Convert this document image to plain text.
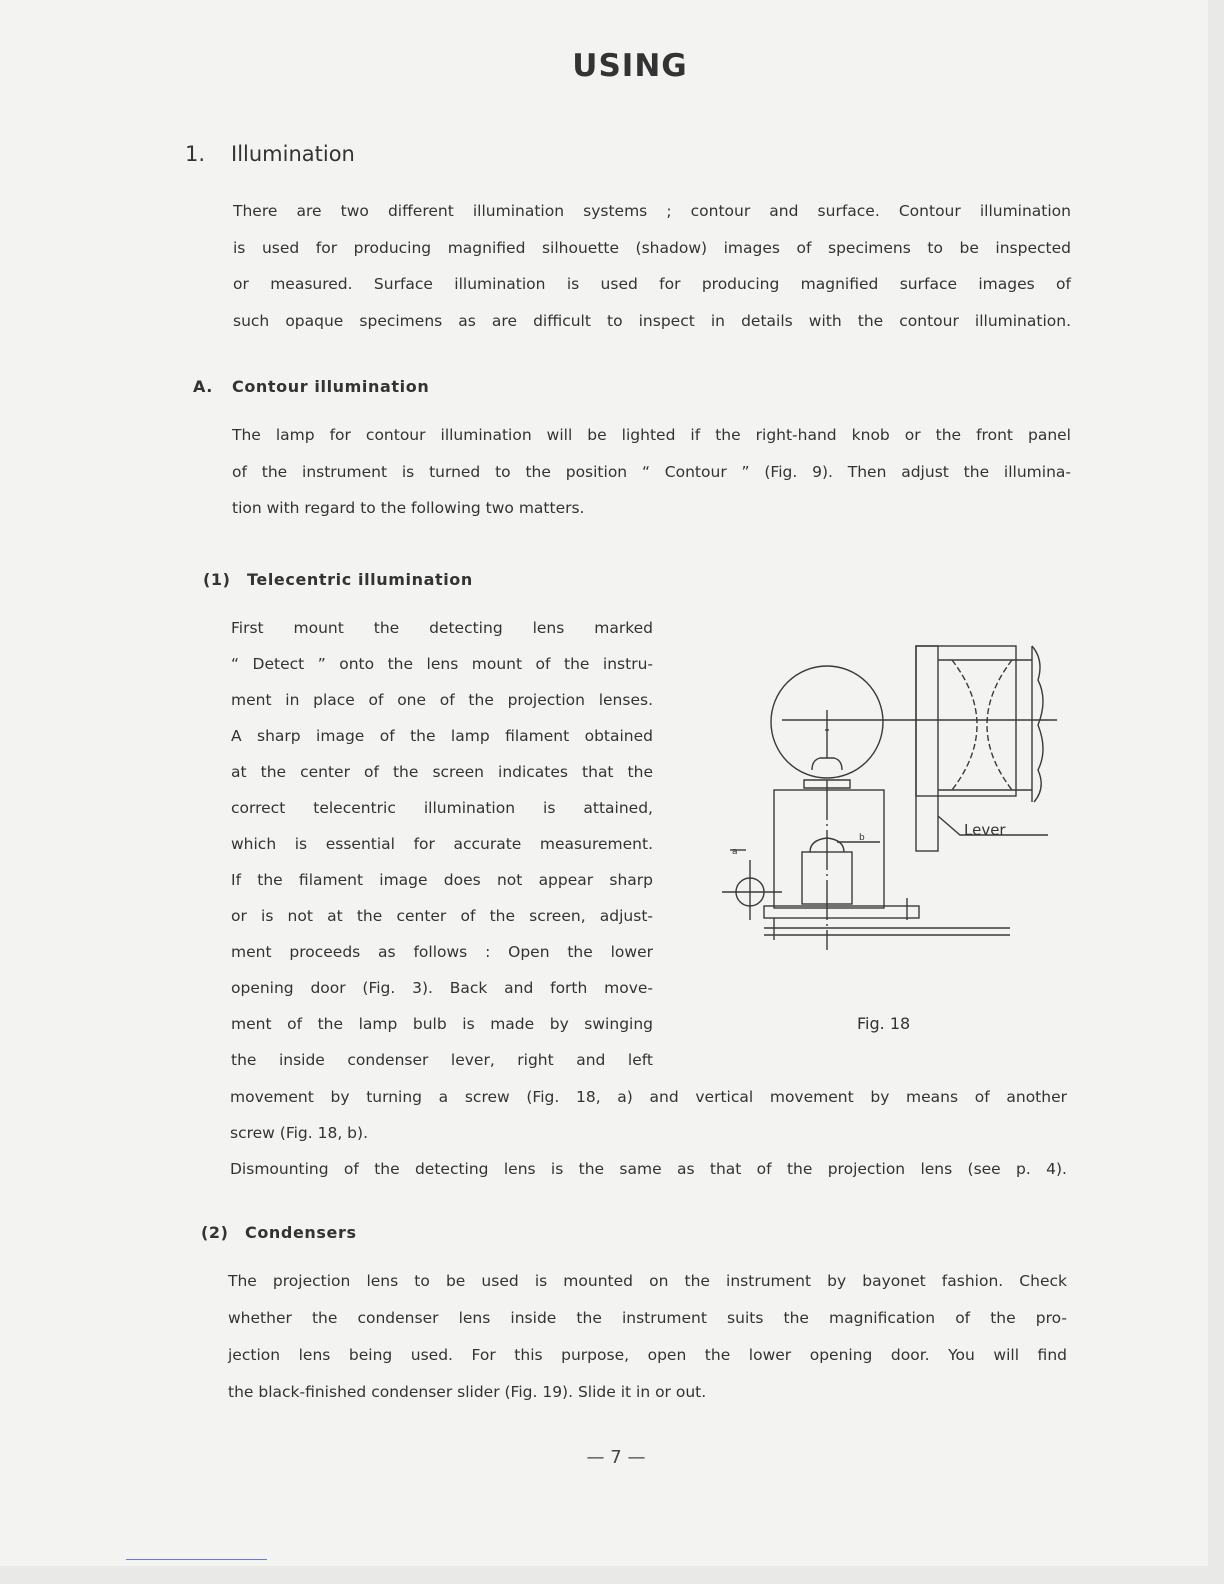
USING
1. Illumination
There are two different illumination systems ; contour and surface. Contour illumination
is used for producing magnified silhouette (shadow) images of specimens to be inspected
or measured. Surface illumination is used for producing magnified surface images of
such opaque specimens as are difficult to inspect in details with the contour illumination.
A. Contour illumination
The lamp for contour illumination will be lighted if the right-hand knob or the front panel
of the instrument is turned to the position “ Contour ” (Fig. 9). Then adjust the illumina-
tion with regard to the following two matters.
(1) Telecentric illumination
First mount the detecting lens marked
“ Detect ” onto the lens mount of the instru-
ment in place of one of the projection lenses.
A sharp image of the lamp filament obtained
at the center of the screen indicates that the
correct telecentric illumination is attained,
which is essential for accurate measurement.
If the filament image does not appear sharp
or is not at the center of the screen, adjust-
ment proceeds as follows : Open the lower
opening door (Fig. 3). Back and forth move-
ment of the lamp bulb is made by swinging
the inside condenser lever, right and left
movement by turning a screw (Fig. 18, a) and vertical movement by means of another
screw (Fig. 18, b).
Dismounting of the detecting lens is the same as that of the projection lens (see p. 4).
Lever
a
b
Fig. 18
(2) Condensers
The projection lens to be used is mounted on the instrument by bayonet fashion. Check
whether the condenser lens inside the instrument suits the magnification of the pro-
jection lens being used. For this purpose, open the lower opening door. You will find
the black-finished condenser slider (Fig. 19). Slide it in or out.
— 7 —
